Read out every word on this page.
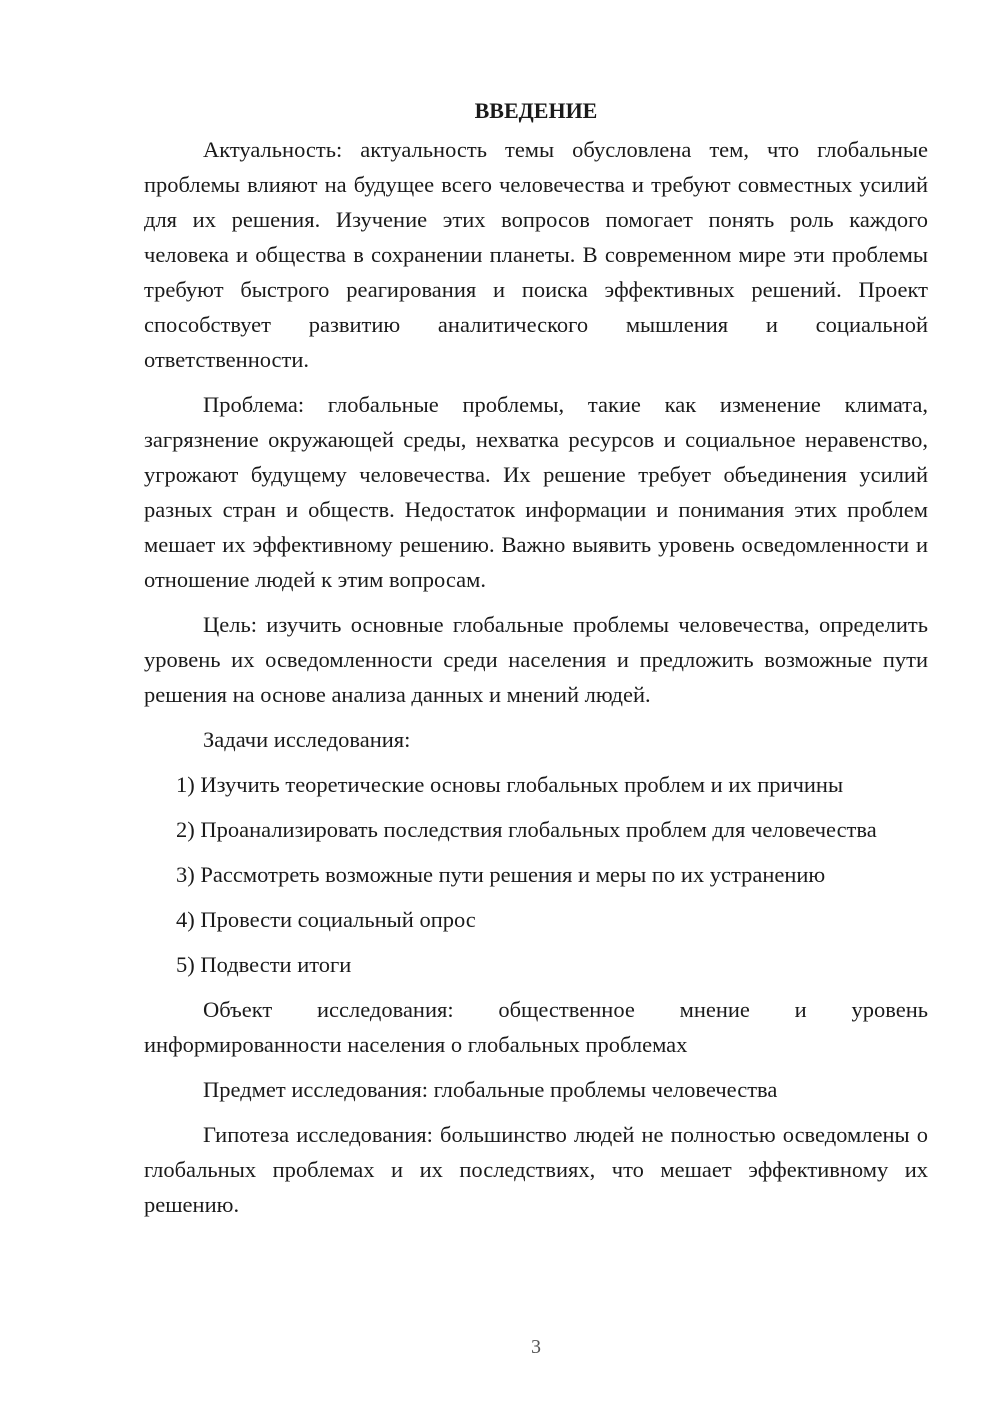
ВВЕДЕНИЕ

Актуальность: актуальность темы обусловлена тем, что глобальные проблемы влияют на будущее всего человечества и требуют совместных усилий для их решения. Изучение этих вопросов помогает понять роль каждого человека и общества в сохранении планеты. В современном мире эти проблемы требуют быстрого реагирования и поиска эффективных решений. Проект способствует развитию аналитического мышления и социальной ответственности.

Проблема: глобальные проблемы, такие как изменение климата, загрязнение окружающей среды, нехватка ресурсов и социальное неравенство, угрожают будущему человечества. Их решение требует объединения усилий разных стран и обществ. Недостаток информации и понимания этих проблем мешает их эффективному решению. Важно выявить уровень осведомленности и отношение людей к этим вопросам.

Цель: изучить основные глобальные проблемы человечества, определить уровень их осведомленности среди населения и предложить возможные пути решения на основе анализа данных и мнений людей.

Задачи исследования:

1) Изучить теоретические основы глобальных проблем и их причины

2) Проанализировать последствия глобальных проблем для человечества

3) Рассмотреть возможные пути решения и меры по их устранению

4) Провести социальный опрос

5) Подвести итоги

Объект исследования: общественное мнение и уровень информированности населения о глобальных проблемах

Предмет исследования: глобальные проблемы человечества

Гипотеза исследования: большинство людей не полностью осведомлены о глобальных проблемах и их последствиях, что мешает эффективному их решению.

3
